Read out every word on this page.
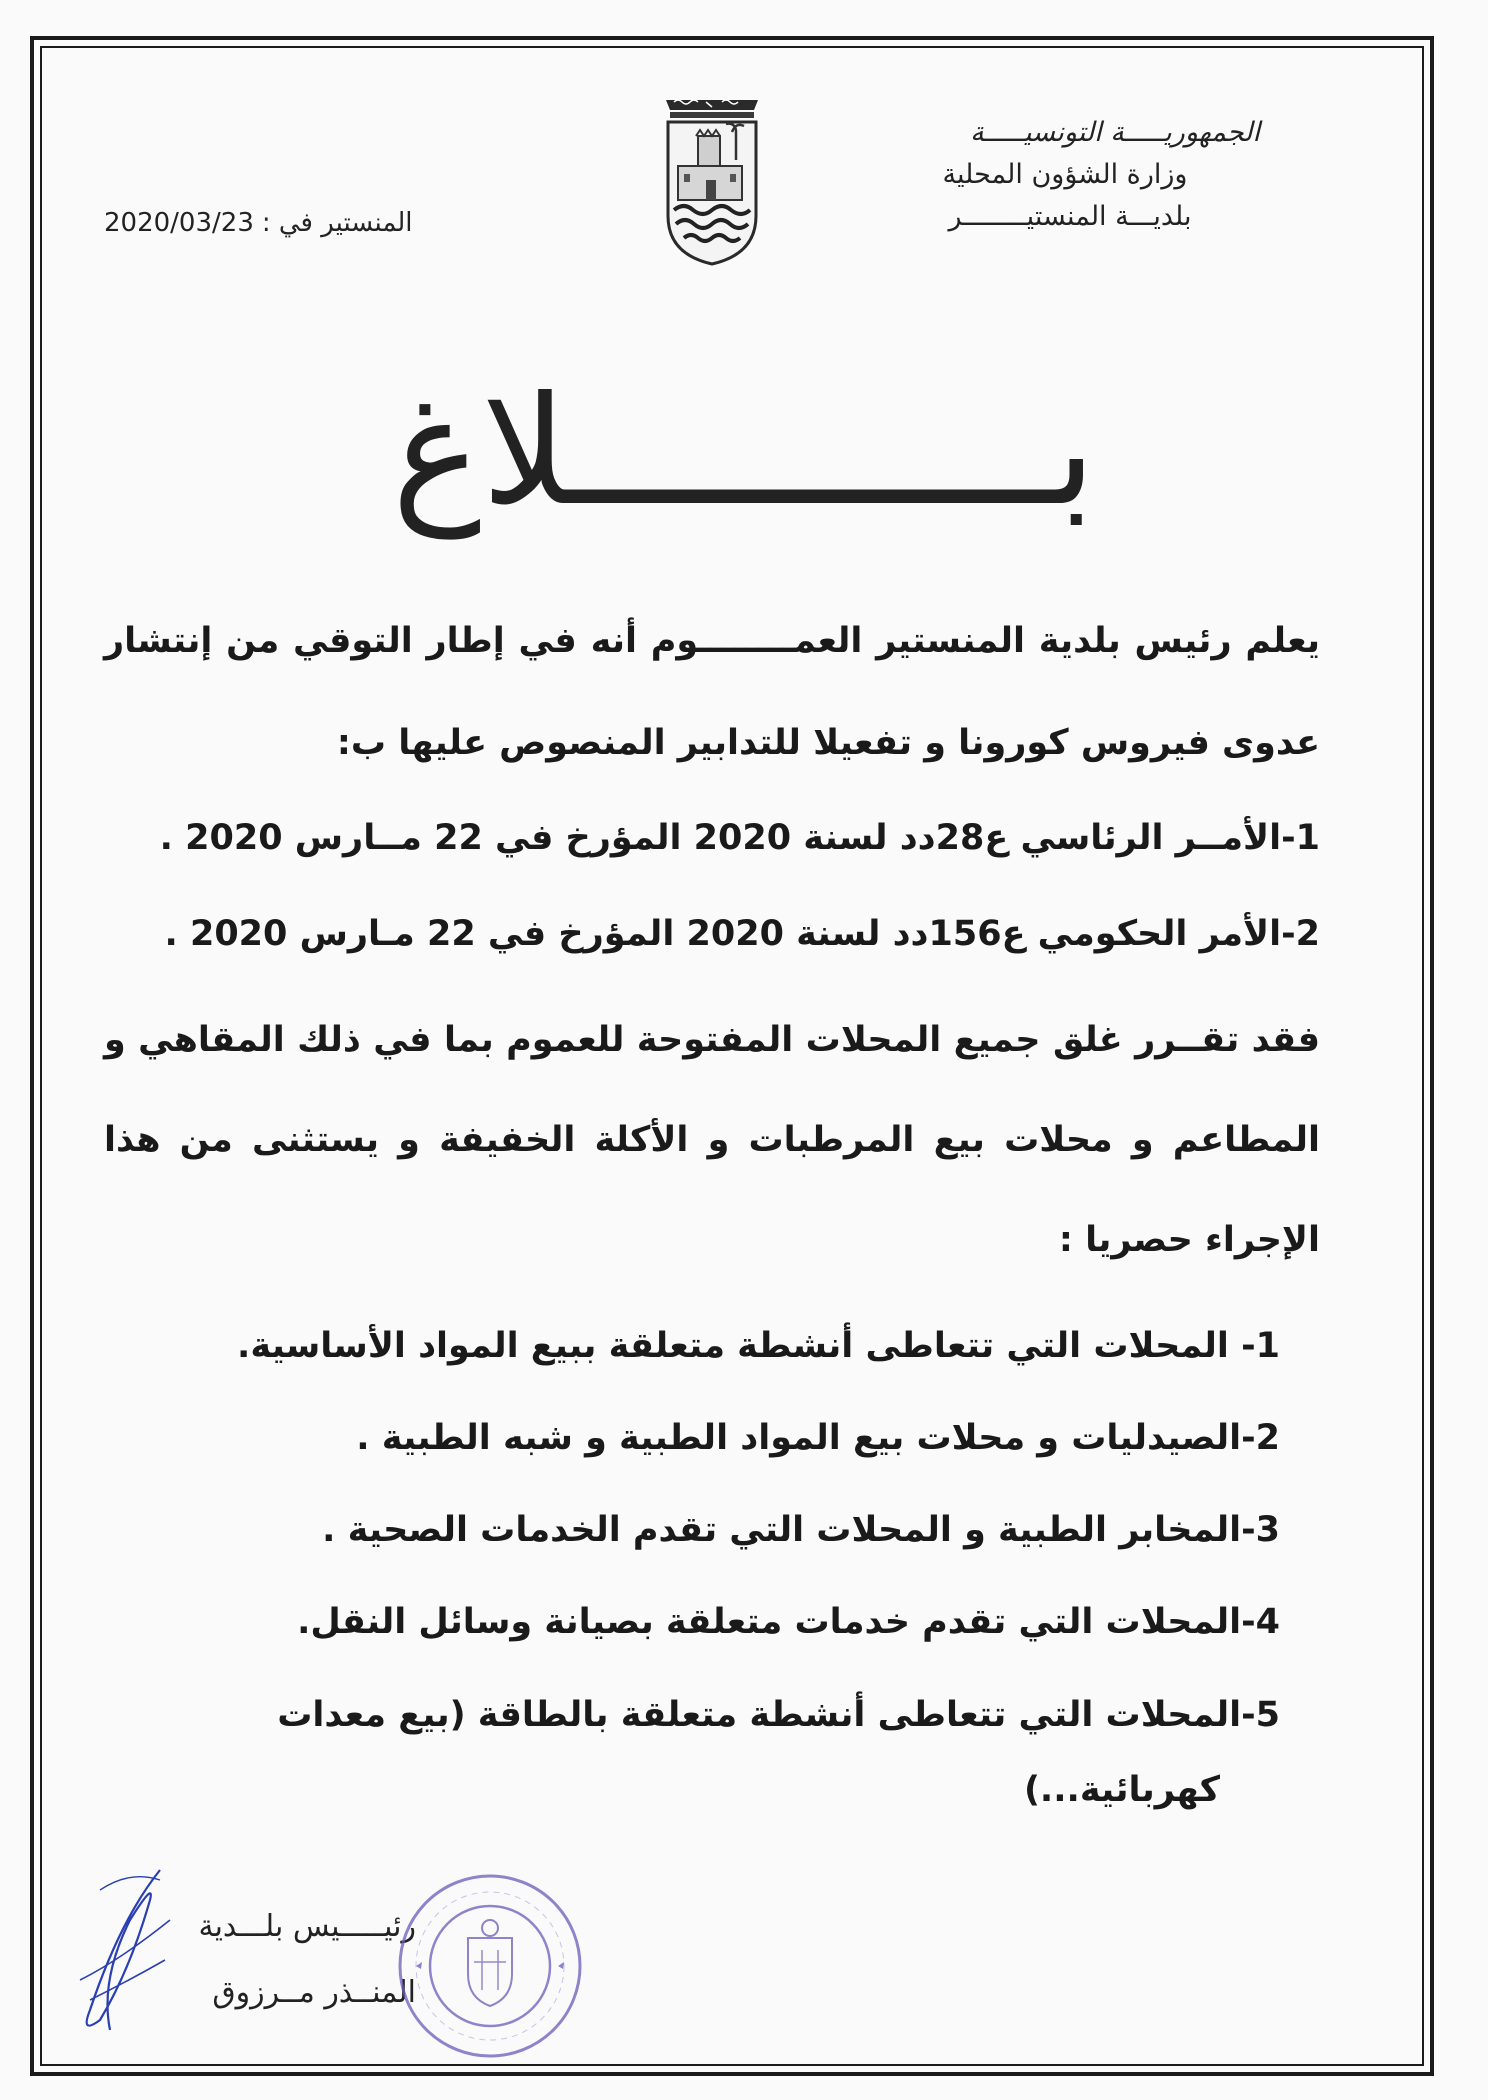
الجمهوريـــــة التونسيـــــة
وزارة الشؤون المحلية
بلديـــة المنستيــــــــر
المنستير في :
2020/03/23
بـــــــــــلاغ
يعلم رئيس بلدية المنستير العمــــــــوم أنه في إطار التوقي من إنتشار عدوى فيروس كورونا و تفعيلا للتدابير المنصوص عليها ب:
1-الأمــر الرئاسي ع28دد لسنة 2020 المؤرخ في 22 مــارس 2020 .
2-الأمر الحكومي ع156دد لسنة 2020 المؤرخ في 22 مـارس 2020 .
فقد تقــرر غلق جميع المحلات المفتوحة للعموم بما في ذلك المقاهي و المطاعم و محلات بيع المرطبات و الأكلة الخفيفة و يستثنى من هذا الإجراء حصريا :
1- المحلات التي تتعاطى أنشطة متعلقة ببيع المواد الأساسية.
2-الصيدليات و محلات بيع المواد الطبية و شبه الطبية .
3-المخابر الطبية و المحلات التي تقدم الخدمات الصحية .
4-المحلات التي تقدم خدمات متعلقة بصيانة وسائل النقل.
5-المحلات التي تتعاطى أنشطة متعلقة بالطاقة (بيع معدات
كهربائية...)
رئيـــــيس بلـــدية
المنــذر مــرزوق
